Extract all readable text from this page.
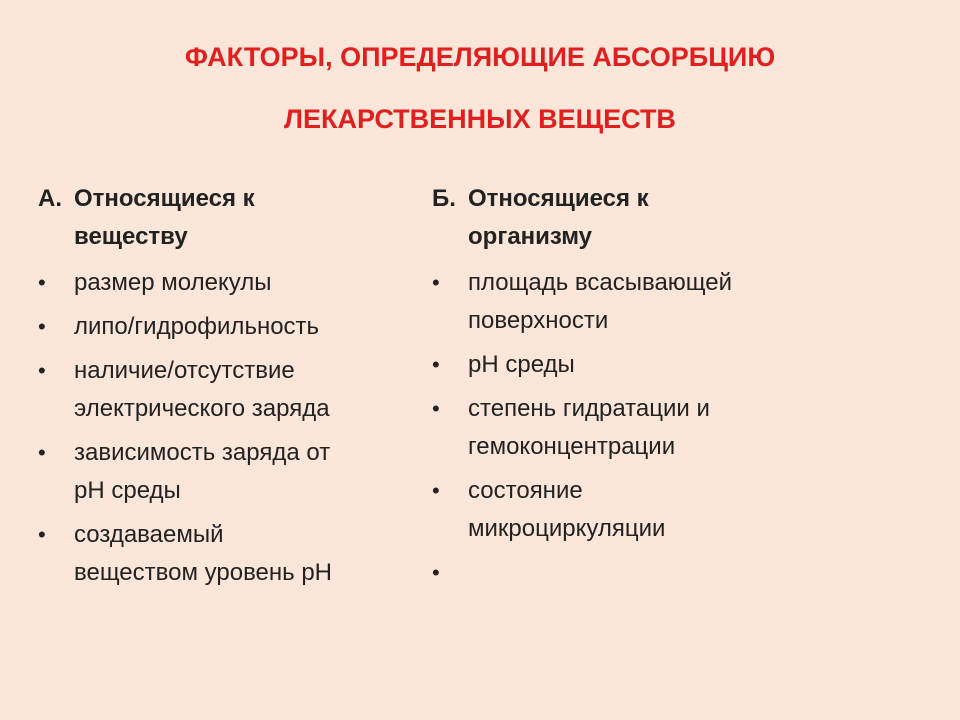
ФАКТОРЫ, ОПРЕДЕЛЯЮЩИЕ АБСОРБЦИЮ
ЛЕКАРСТВЕННЫХ ВЕЩЕСТВ
А. Относящиеся к
веществу
•	размер молекулы
•	липо/гидрофильность
•	наличие/отсутствие
электрического заряда
•	зависимость заряда от
рН среды
•	создаваемый
веществом уровень рН
Б. Относящиеся к
организму
•	площадь всасывающей
поверхности
•	рН среды
•	степень гидратации и
гемоконцентрации
•	состояние
микроциркуляции
•
